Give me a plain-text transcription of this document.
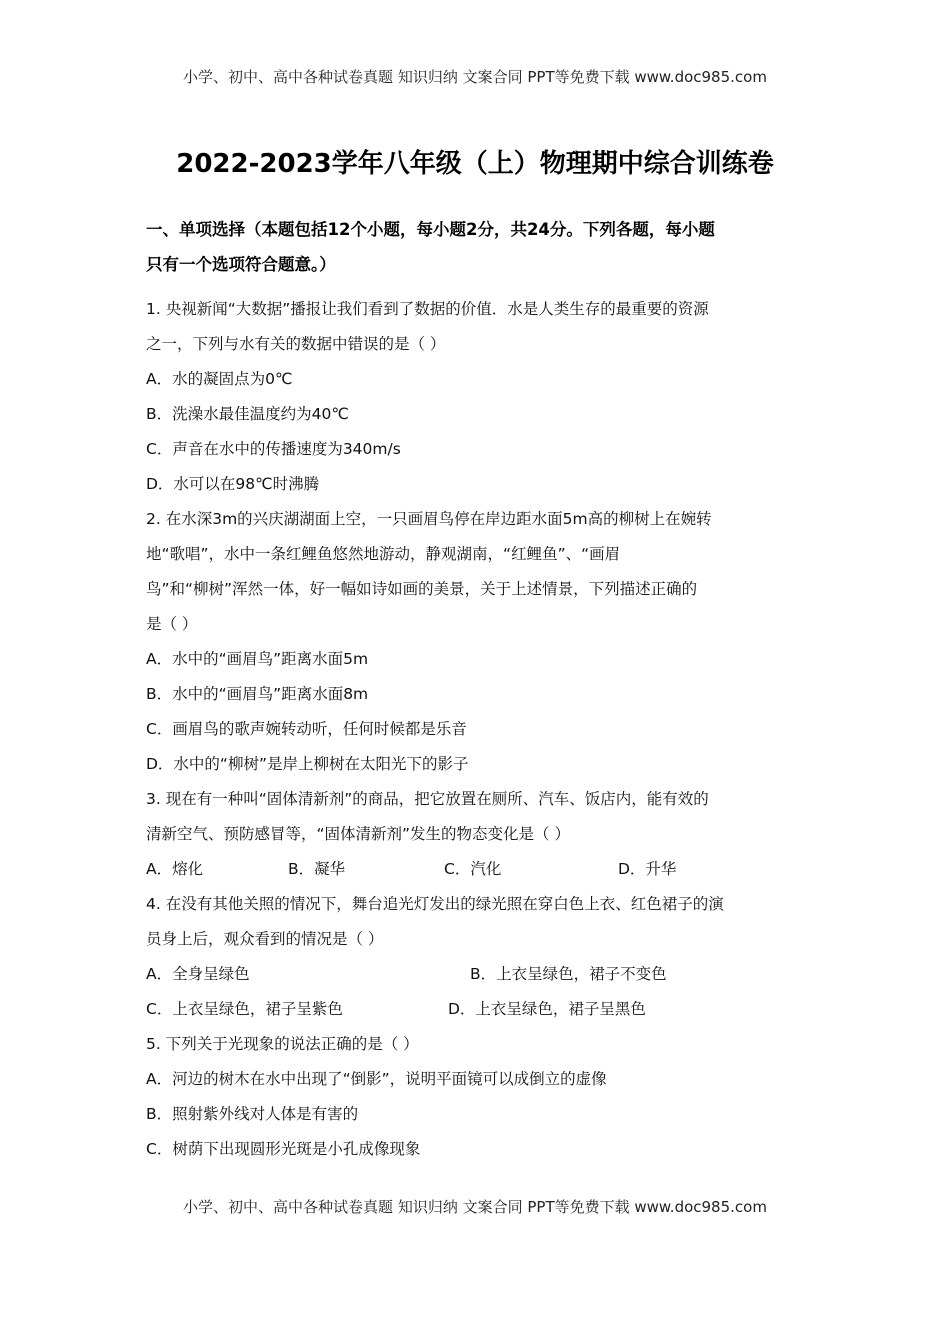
小学、初中、高中各种试卷真题 知识归纳 文案合同 PPT等免费下载 www.doc985.com
2022-2023学年八年级（上）物理期中综合训练卷
一、单项选择（本题包括12个小题，每小题2分，共24分。下列各题，每小题
只有一个选项符合题意。）
1. 央视新闻“大数据”播报让我们看到了数据的价值．水是人类生存的最重要的资源
之一，下列与水有关的数据中错误的是（ ）
A．水的凝固点为0℃
B．洗澡水最佳温度约为40℃
C．声音在水中的传播速度为340m/s
D．水可以在98℃时沸腾
2. 在水深3m的兴庆湖湖面上空，一只画眉鸟停在岸边距水面5m高的柳树上在婉转
地“歌唱”，水中一条红鲤鱼悠然地游动，静观湖南，“红鲤鱼”、“画眉
鸟”和“柳树”浑然一体，好一幅如诗如画的美景，关于上述情景，下列描述正确的
是（ ）
A．水中的“画眉鸟”距离水面5m
B．水中的“画眉鸟”距离水面8m
C．画眉鸟的歌声婉转动听，任何时候都是乐音
D．水中的“柳树”是岸上柳树在太阳光下的影子
3. 现在有一种叫“固体清新剂”的商品，把它放置在厕所、汽车、饭店内，能有效的
清新空气、预防感冒等，“固体清新剂”发生的物态变化是（ ）
A．熔化	B．凝华	C．汽化	D．升华
4. 在没有其他关照的情况下，舞台追光灯发出的绿光照在穿白色上衣、红色裙子的演
员身上后，观众看到的情况是（ ）
A．全身呈绿色	B．上衣呈绿色，裙子不变色
C．上衣呈绿色，裙子呈紫色	D．上衣呈绿色，裙子呈黑色
5. 下列关于光现象的说法正确的是（ ）
A．河边的树木在水中出现了“倒影”，说明平面镜可以成倒立的虚像
B．照射紫外线对人体是有害的
C．树荫下出现圆形光斑是小孔成像现象
小学、初中、高中各种试卷真题 知识归纳 文案合同 PPT等免费下载 www.doc985.com
